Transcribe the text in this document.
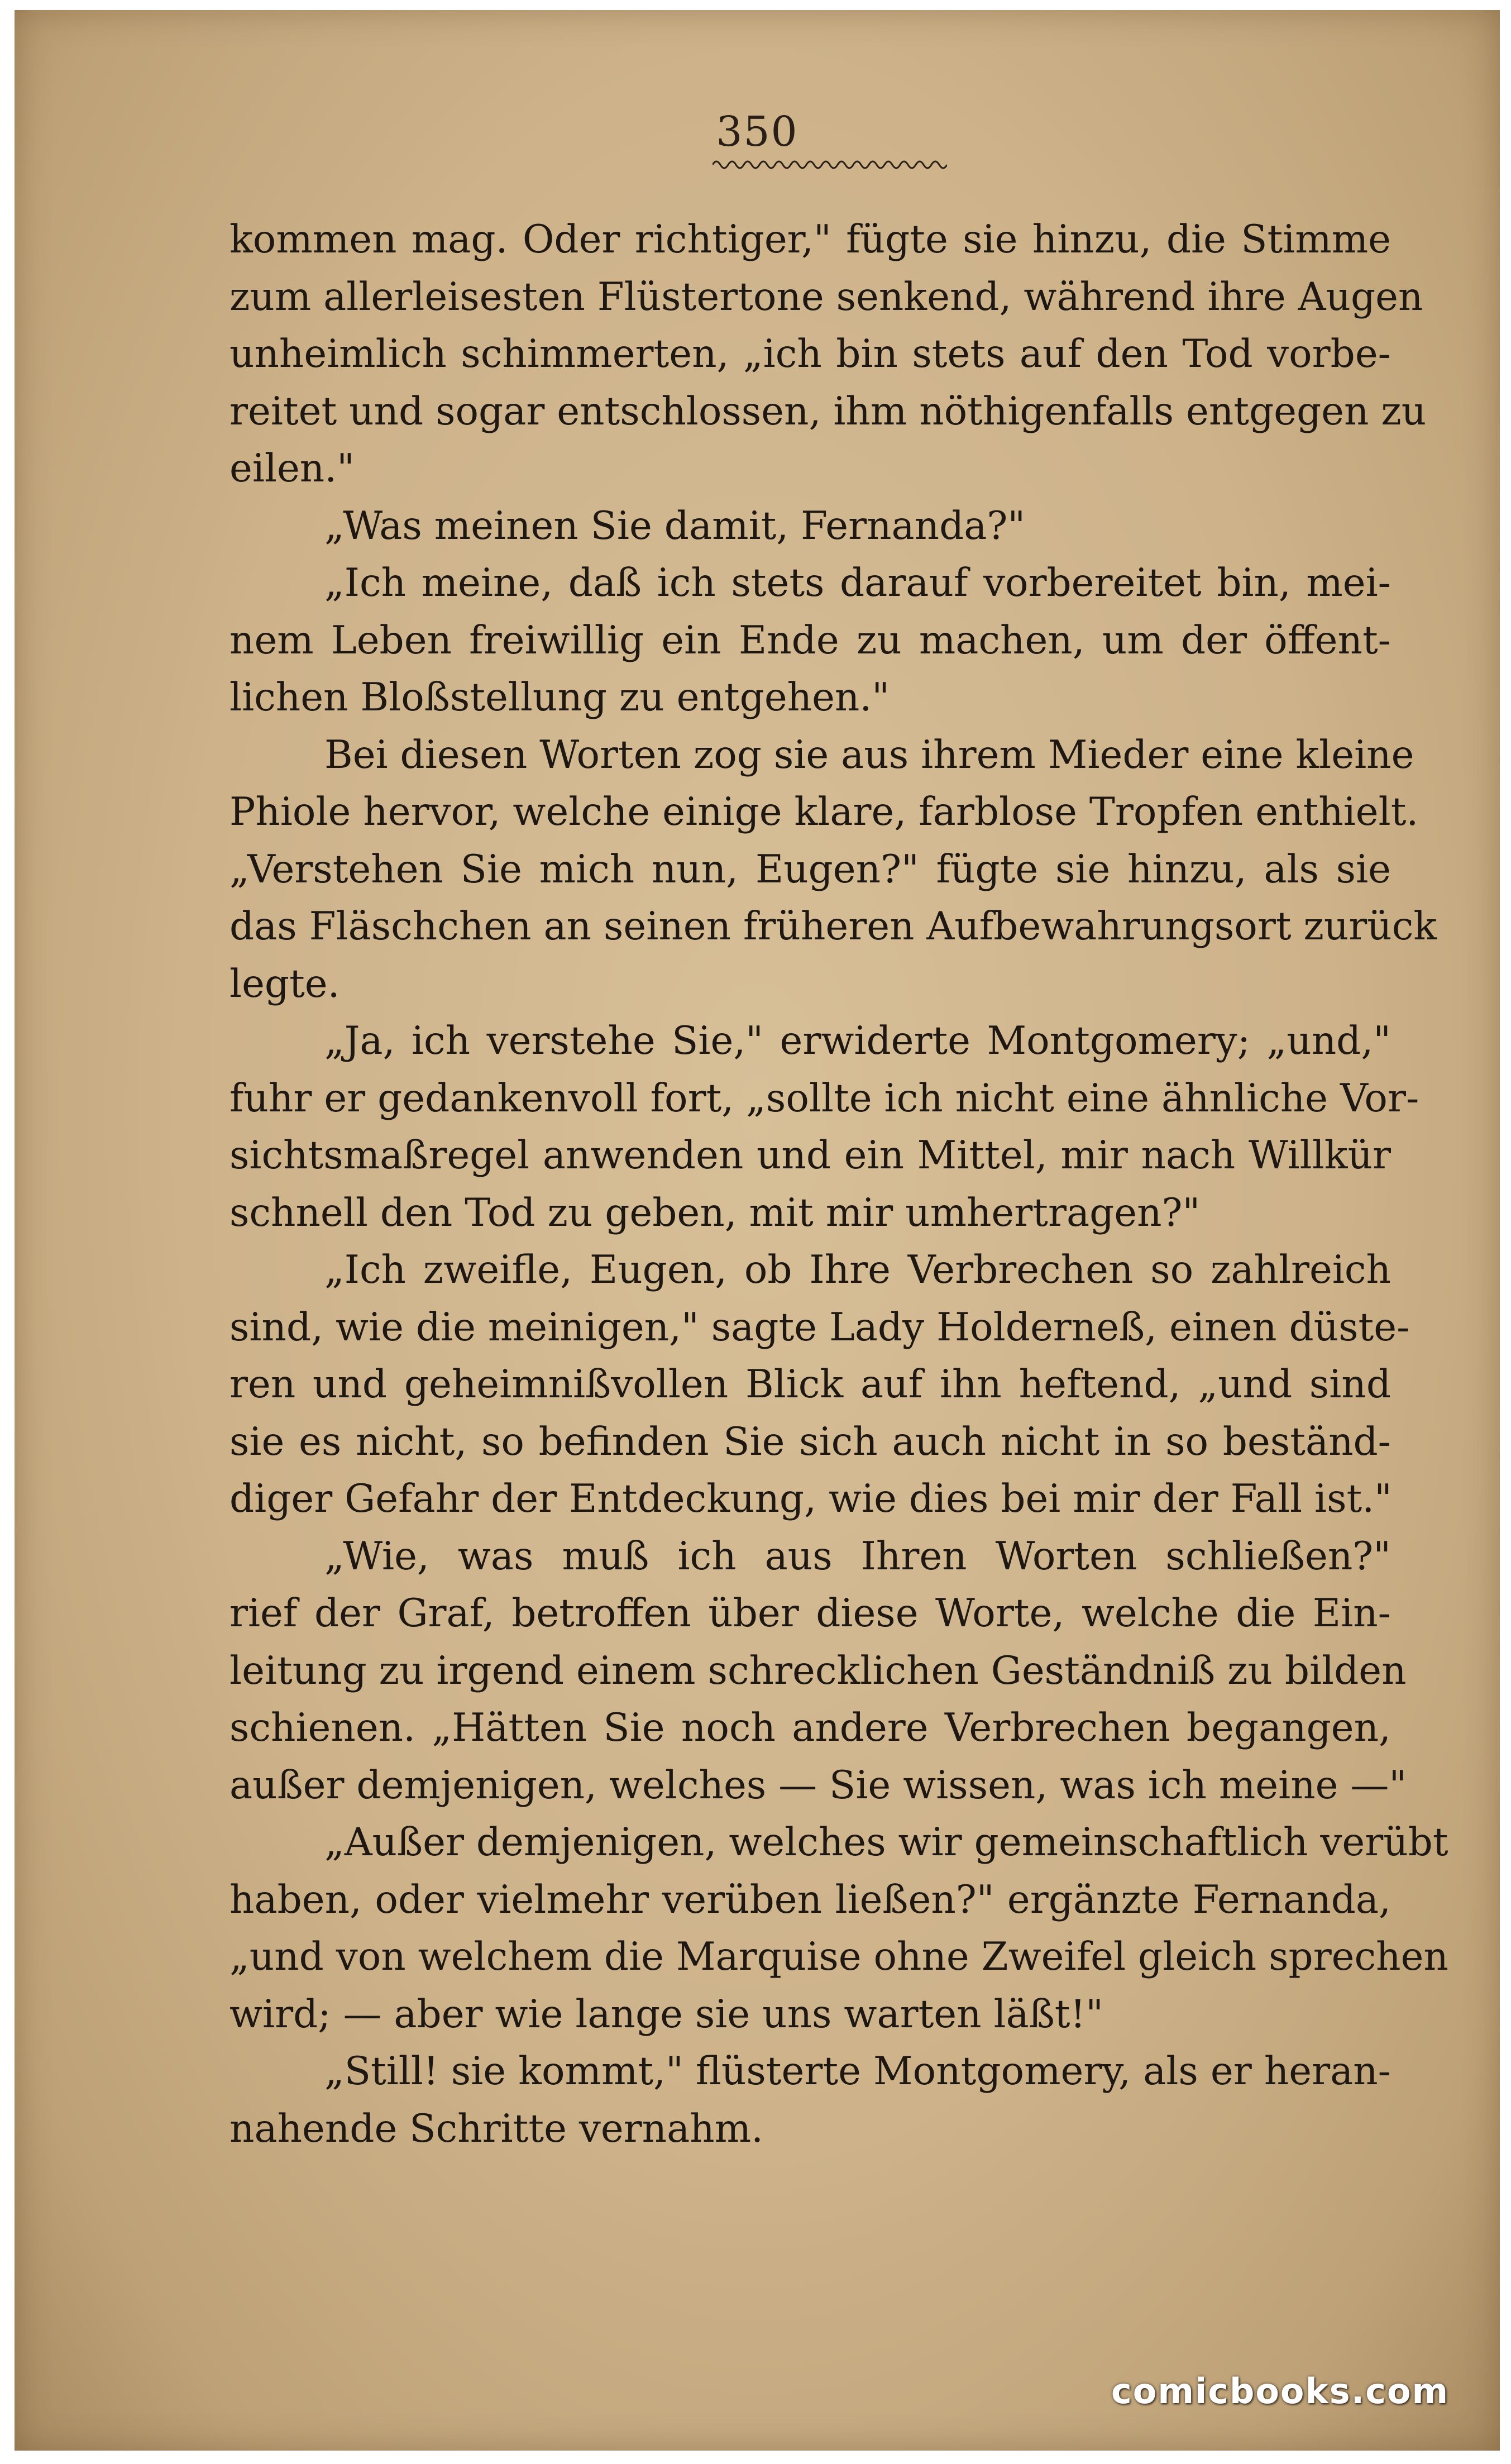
350
kommen mag. Oder richtiger," fügte sie hinzu, die Stimme
zum allerleisesten Flüstertone senkend, während ihre Augen
unheimlich schimmerten, „ich bin stets auf den Tod vorbe-
reitet und sogar entschlossen, ihm nöthigenfalls entgegen zu
eilen."
„Was meinen Sie damit, Fernanda?"
„Ich meine, daß ich stets darauf vorbereitet bin, mei-
nem Leben freiwillig ein Ende zu machen, um der öffent-
lichen Bloßstellung zu entgehen."
Bei diesen Worten zog sie aus ihrem Mieder eine kleine
Phiole hervor, welche einige klare, farblose Tropfen enthielt.
„Verstehen Sie mich nun, Eugen?" fügte sie hinzu, als sie
das Fläschchen an seinen früheren Aufbewahrungsort zurück
legte.
„Ja, ich verstehe Sie," erwiderte Montgomery; „und,"
fuhr er gedankenvoll fort, „sollte ich nicht eine ähnliche Vor-
sichtsmaßregel anwenden und ein Mittel, mir nach Willkür
schnell den Tod zu geben, mit mir umhertragen?"
„Ich zweifle, Eugen, ob Ihre Verbrechen so zahlreich
sind, wie die meinigen," sagte Lady Holderneß, einen düste-
ren und geheimnißvollen Blick auf ihn heftend, „und sind
sie es nicht, so befinden Sie sich auch nicht in so beständ-
diger Gefahr der Entdeckung, wie dies bei mir der Fall ist."
„Wie, was muß ich aus Ihren Worten schließen?"
rief der Graf, betroffen über diese Worte, welche die Ein-
leitung zu irgend einem schrecklichen Geständniß zu bilden
schienen. „Hätten Sie noch andere Verbrechen begangen,
außer demjenigen, welches — Sie wissen, was ich meine —"
„Außer demjenigen, welches wir gemeinschaftlich verübt
haben, oder vielmehr verüben ließen?" ergänzte Fernanda,
„und von welchem die Marquise ohne Zweifel gleich sprechen
wird; — aber wie lange sie uns warten läßt!"
„Still! sie kommt," flüsterte Montgomery, als er heran-
nahende Schritte vernahm.
comicbooks.com
